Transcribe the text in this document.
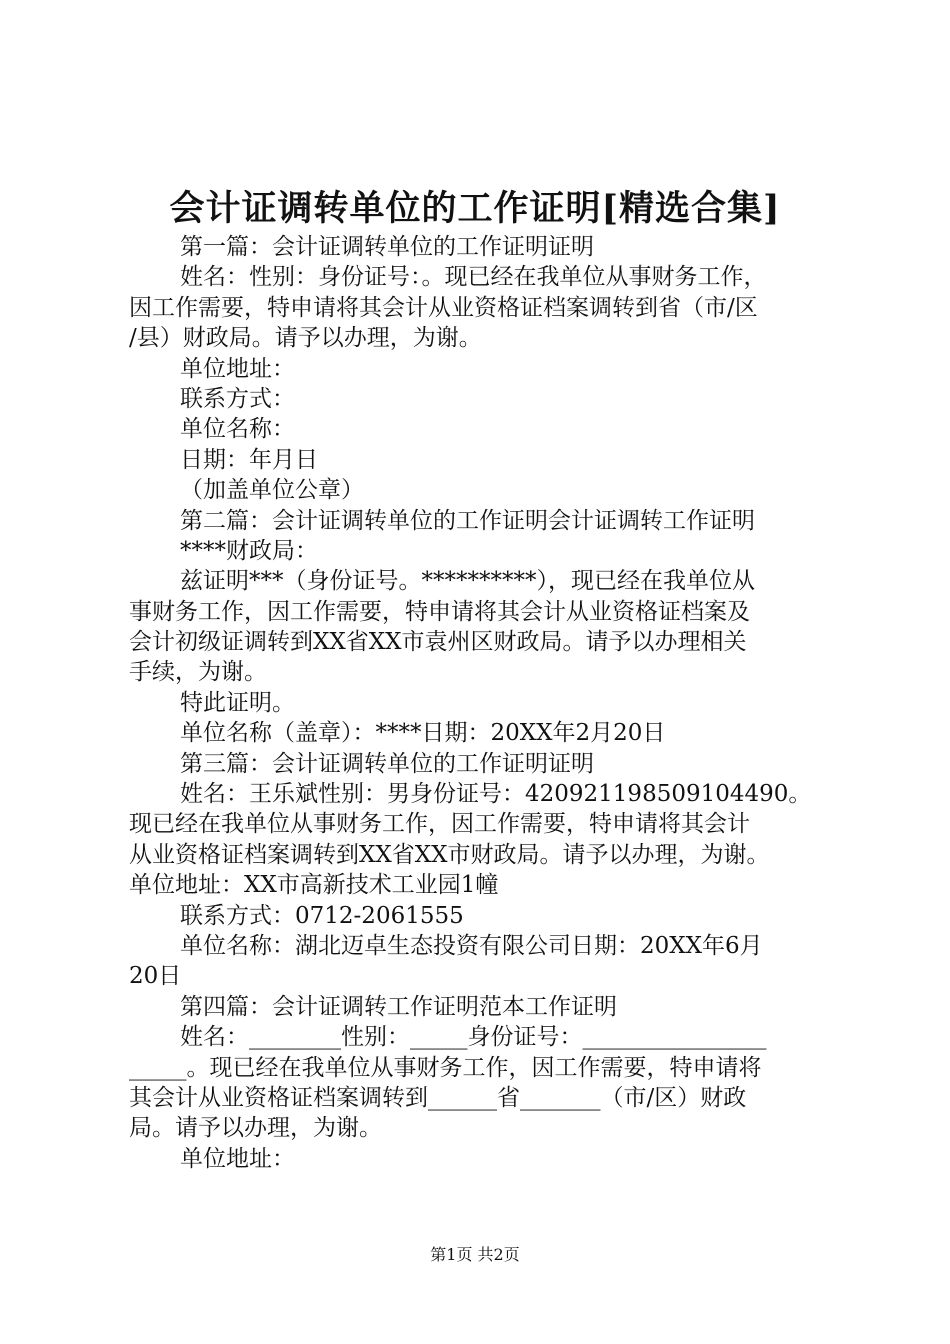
会计证调转单位的工作证明[精选合集]
第一篇：会计证调转单位的工作证明证明
姓名：性别：身份证号：。现已经在我单位从事财务工作，
因工作需要，特申请将其会计从业资格证档案调转到省（市/区
/县）财政局。请予以办理，为谢。
单位地址：
联系方式：
单位名称：
日期：年月日
（加盖单位公章）
第二篇：会计证调转单位的工作证明会计证调转工作证明
****财政局：
兹证明***（身份证号。**********），现已经在我单位从
事财务工作，因工作需要，特申请将其会计从业资格证档案及
会计初级证调转到XX省XX市袁州区财政局。请予以办理相关
手续，为谢。
特此证明。
单位名称（盖章）：****日期：20XX年2月20日
第三篇：会计证调转单位的工作证明证明
姓名：王乐斌性别：男身份证号：420921198509104490。
现已经在我单位从事财务工作，因工作需要，特申请将其会计
从业资格证档案调转到XX省XX市财政局。请予以办理，为谢。
单位地址：XX市高新技术工业园1幢
联系方式：0712-2061555
单位名称：湖北迈卓生态投资有限公司日期：20XX年6月
20日
第四篇：会计证调转工作证明范本工作证明
姓名：________性别：_____身份证号：________________
_____。现已经在我单位从事财务工作，因工作需要，特申请将
其会计从业资格证档案调转到______省_______（市/区）财政
局。请予以办理，为谢。
单位地址：
第1页 共2页
